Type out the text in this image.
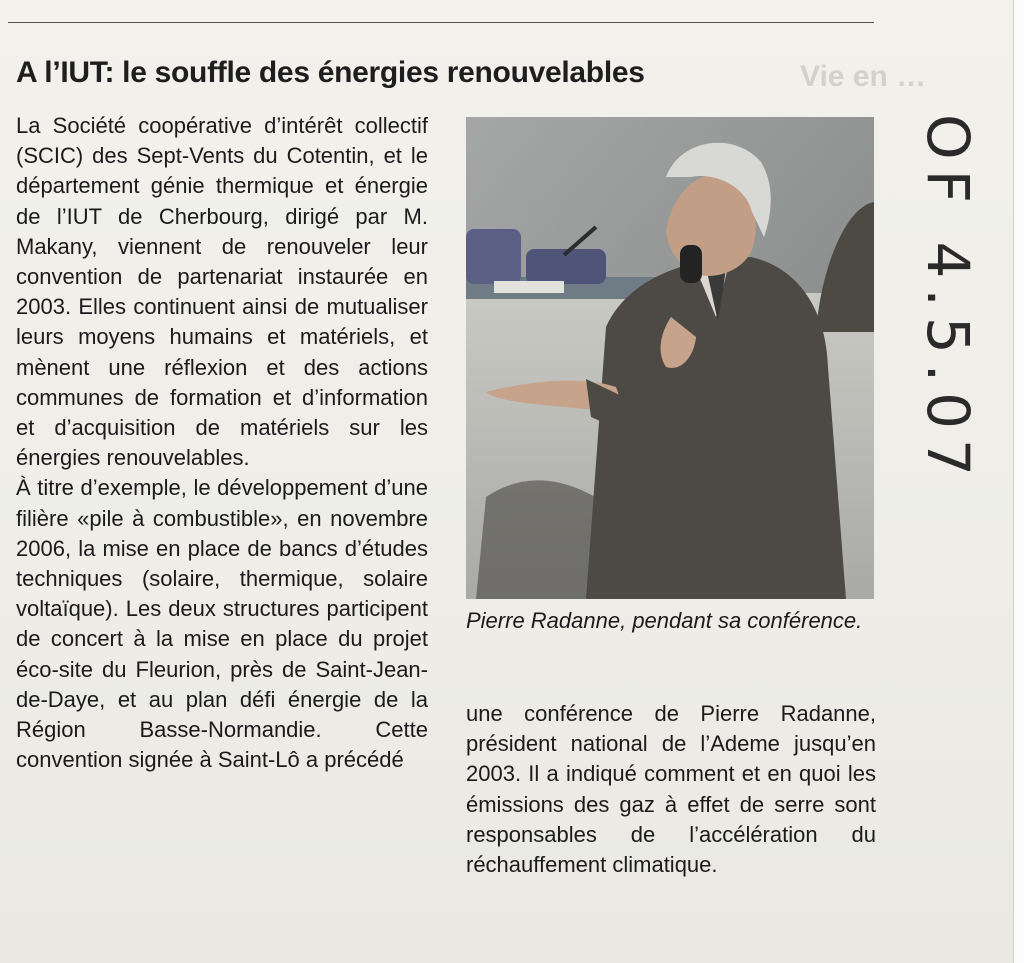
Vie en …
A l’IUT: le souffle des énergies renouvelables

La Société coopérative d’intérêt collectif (SCIC) des Sept-Vents du Cotentin, et le département génie thermique et énergie de l’IUT de Cherbourg, dirigé par M. Makany, viennent de renouveler leur convention de partenariat instaurée en 2003. Elles continuent ainsi de mutualiser leurs moyens humains et matériels, et mènent une réflexion et des actions communes de formation et d’information et d’acquisition de matériels sur les énergies renouvelables.

À titre d’exemple, le développement d’une filière «pile à combustible», en novembre 2006, la mise en place de bancs d’études techniques (solaire, thermique, solaire voltaïque). Les deux structures participent de concert à la mise en place du projet éco-site du Fleurion, près de Saint-Jean-de-Daye, et au plan défi énergie de la Région Basse-Normandie. Cette convention signée à Saint-Lô a précédé

Pierre Radanne, pendant sa conférence.

une conférence de Pierre Radanne, président national de l’Ademe jusqu’en 2003. Il a indiqué comment et en quoi les émissions des gaz à effet de serre sont responsables de l’accélération du réchauffement climatique.

OF 4.5.07
